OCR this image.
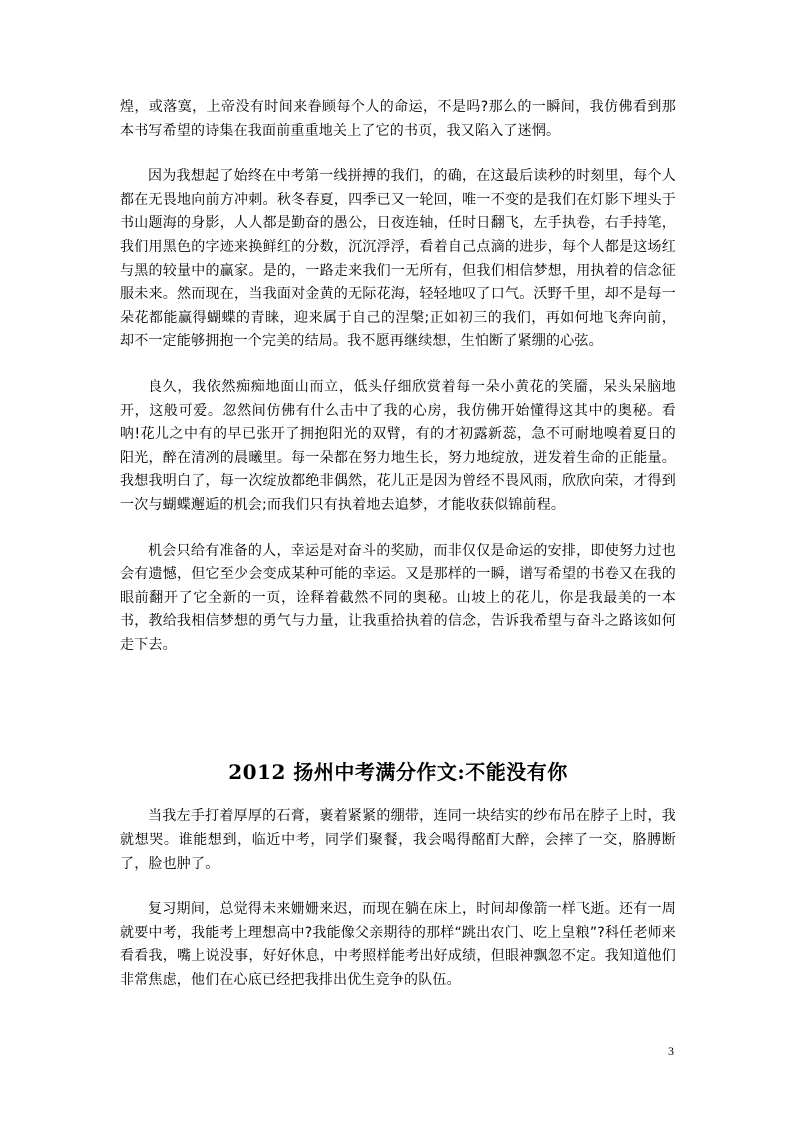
煌，或落寞，上帝没有时间来眷顾每个人的命运，不是吗?那么的一瞬间，我仿佛看到那本书写希望的诗集在我面前重重地关上了它的书页，我又陷入了迷惘。

因为我想起了始终在中考第一线拼搏的我们，的确，在这最后读秒的时刻里，每个人都在无畏地向前方冲刺。秋冬春夏，四季已又一轮回，唯一不变的是我们在灯影下埋头于书山题海的身影，人人都是勤奋的愚公，日夜连轴，任时日翻飞，左手执卷，右手持笔，我们用黑色的字迹来换鲜红的分数，沉沉浮浮，看着自己点滴的进步，每个人都是这场红与黑的较量中的赢家。是的，一路走来我们一无所有，但我们相信梦想，用执着的信念征服未来。然而现在，当我面对金黄的无际花海，轻轻地叹了口气。沃野千里，却不是每一朵花都能赢得蝴蝶的青睐，迎来属于自己的涅槃;正如初三的我们，再如何地飞奔向前，却不一定能够拥抱一个完美的结局。我不愿再继续想，生怕断了紧绷的心弦。

良久，我依然痴痴地面山而立，低头仔细欣赏着每一朵小黄花的笑靥，呆头呆脑地开，这般可爱。忽然间仿佛有什么击中了我的心房，我仿佛开始懂得这其中的奥秘。看呐!花儿之中有的早已张开了拥抱阳光的双臂，有的才初露新蕊，急不可耐地嗅着夏日的阳光，醉在清冽的晨曦里。每一朵都在努力地生长，努力地绽放，迸发着生命的正能量。我想我明白了，每一次绽放都绝非偶然，花儿正是因为曾经不畏风雨，欣欣向荣，才得到一次与蝴蝶邂逅的机会;而我们只有执着地去追梦，才能收获似锦前程。

机会只给有准备的人，幸运是对奋斗的奖励，而非仅仅是命运的安排，即使努力过也会有遗憾，但它至少会变成某种可能的幸运。又是那样的一瞬，谱写希望的书卷又在我的眼前翻开了它全新的一页，诠释着截然不同的奥秘。山坡上的花儿，你是我最美的一本书，教给我相信梦想的勇气与力量，让我重拾执着的信念，告诉我希望与奋斗之路该如何走下去。

2012 扬州中考满分作文:不能没有你

当我左手打着厚厚的石膏，裹着紧紧的绷带，连同一块结实的纱布吊在脖子上时，我就想哭。谁能想到，临近中考，同学们聚餐，我会喝得酩酊大醉，会摔了一交，胳膊断了，脸也肿了。

复习期间，总觉得未来姗姗来迟，而现在躺在床上，时间却像箭一样飞逝。还有一周就要中考，我能考上理想高中?我能像父亲期待的那样“跳出农门、吃上皇粮”?科任老师来看看我，嘴上说没事，好好休息，中考照样能考出好成绩，但眼神飘忽不定。我知道他们非常焦虑，他们在心底已经把我排出优生竞争的队伍。

3
